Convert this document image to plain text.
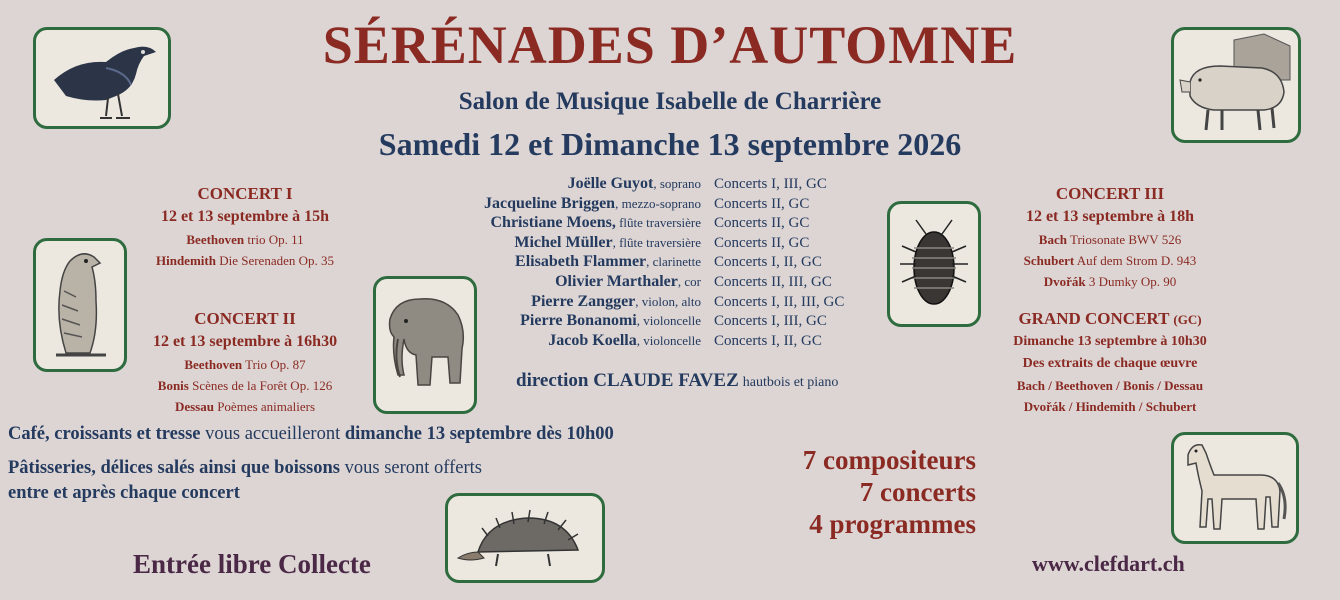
SÉRÉNADES D’AUTOMNE
Salon de Musique Isabelle de Charrière
Samedi 12 et Dimanche 13 septembre 2026
CONCERT I
12 et 13 septembre à 15h
Beethoven trio Op. 11
Hindemith Die Serenaden Op. 35
CONCERT II
12 et 13 septembre à 16h30
Beethoven Trio Op. 87
Bonis Scènes de la Forêt Op. 126
Dessau Poèmes animaliers
CONCERT III
12 et 13 septembre à 18h
Bach Triosonate BWV 526
Schubert Auf dem Strom D. 943
Dvořák 3 Dumky Op. 90
GRAND CONCERT (GC)
Dimanche 13 septembre à 10h30
Des extraits de chaque œuvre
Bach / Beethoven / Bonis / Dessau
Dvořák / Hindemith / Schubert
Joëlle Guyot, soprano Concerts I, III, GC
Jacqueline Briggen, mezzo-soprano Concerts II, GC
Christiane Moens, flûte traversière Concerts II, GC
Michel Müller, flûte traversière Concerts II, GC
Elisabeth Flammer, clarinette Concerts I, II, GC
Olivier Marthaler, cor Concerts II, III, GC
Pierre Zangger, violon, alto Concerts I, II, III, GC
Pierre Bonanomi, violoncelle Concerts I, III, GC
Jacob Koella, violoncelle Concerts I, II, GC
direction CLAUDE FAVEZ hautbois et piano
Café, croissants et tresse vous accueilleront dimanche 13 septembre dès 10h00
Pâtisseries, délices salés ainsi que boissons vous seront offerts
entre et après chaque concert
7 compositeurs
7 concerts
4 programmes
Entrée libre Collecte	www.clefdart.ch
